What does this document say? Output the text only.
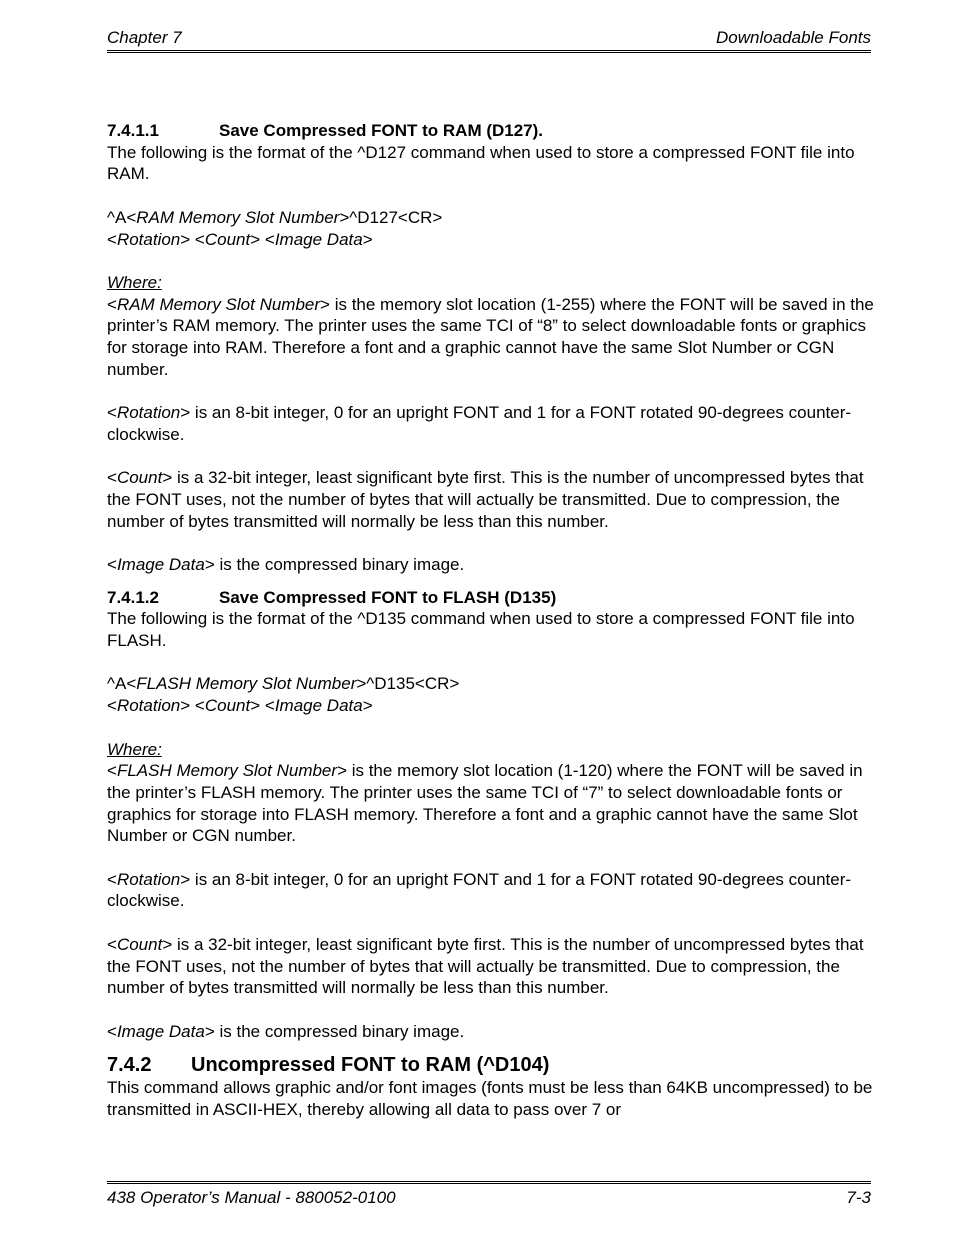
Chapter 7	Downloadable Fonts
7.4.1.1	Save Compressed FONT to RAM (D127).

The following is the format of the ^D127 command when used to store a compressed FONT file into RAM.

^A<RAM Memory Slot Number>^D127<CR>

<Rotation> <Count> <Image Data>

Where:

<RAM Memory Slot Number> is the memory slot location (1-255) where the FONT will be saved in the printer’s RAM memory. The printer uses the same TCI of “8” to select downloadable fonts or graphics for storage into RAM. Therefore a font and a graphic cannot have the same Slot Number or CGN number.

<Rotation> is an 8-bit integer, 0 for an upright FONT and 1 for a FONT rotated 90-degrees counter-clockwise.

<Count> is a 32-bit integer, least significant byte first. This is the number of uncompressed bytes that the FONT uses, not the number of bytes that will actually be transmitted. Due to compression, the number of bytes transmitted will normally be less than this number.

<Image Data> is the compressed binary image.

7.4.1.2	Save Compressed FONT to FLASH (D135)

The following is the format of the ^D135 command when used to store a compressed FONT file into FLASH.

^A<FLASH Memory Slot Number>^D135<CR>

<Rotation> <Count> <Image Data>

Where:

<FLASH Memory Slot Number> is the memory slot location (1-120) where the FONT will be saved in the printer’s FLASH memory. The printer uses the same TCI of “7” to select downloadable fonts or graphics for storage into FLASH memory. Therefore a font and a graphic cannot have the same Slot Number or CGN number.

<Rotation> is an 8-bit integer, 0 for an upright FONT and 1 for a FONT rotated 90-degrees counter-clockwise.

<Count> is a 32-bit integer, least significant byte first. This is the number of uncompressed bytes that the FONT uses, not the number of bytes that will actually be transmitted. Due to compression, the number of bytes transmitted will normally be less than this number.

<Image Data> is the compressed binary image.

7.4.2 Uncompressed FONT to RAM (^D104)

This command allows graphic and/or font images (fonts must be less than 64KB uncompressed) to be transmitted in ASCII-HEX, thereby allowing all data to pass over 7 or

438 Operator’s Manual - 880052-0100	7-3
